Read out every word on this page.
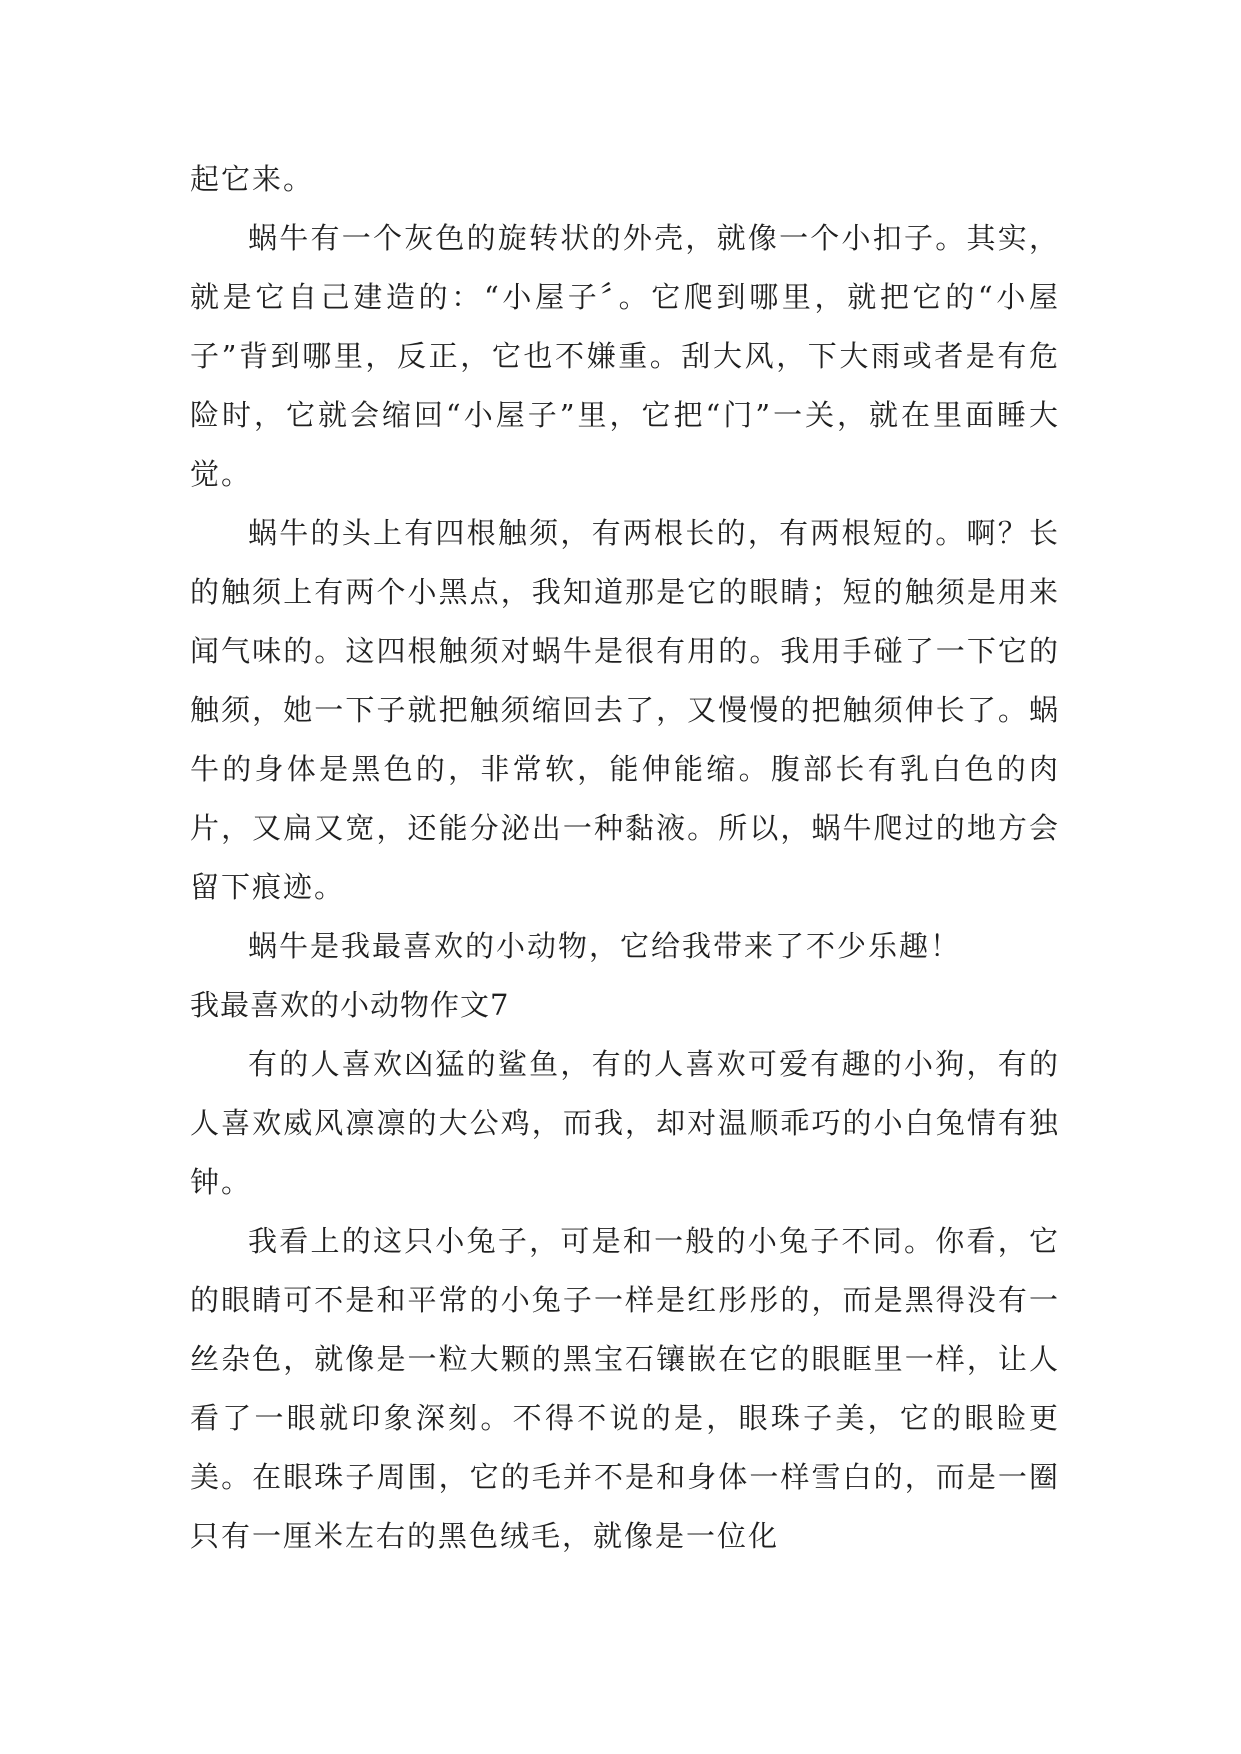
起它来。

蜗牛有一个灰色的旋转状的外壳，就像一个小扣子。其实，就是它自己建造的：“小屋子〞。它爬到哪里，就把它的“小屋子”背到哪里，反正，它也不嫌重。刮大风，下大雨或者是有危险时，它就会缩回“小屋子”里，它把“门”一关，就在里面睡大觉。

蜗牛的头上有四根触须，有两根长的，有两根短的。啊？长的触须上有两个小黑点，我知道那是它的眼睛；短的触须是用来闻气味的。这四根触须对蜗牛是很有用的。我用手碰了一下它的触须，她一下子就把触须缩回去了，又慢慢的把触须伸长了。蜗牛的身体是黑色的，非常软，能伸能缩。腹部长有乳白色的肉片，又扁又宽，还能分泌出一种黏液。所以，蜗牛爬过的地方会留下痕迹。

蜗牛是我最喜欢的小动物，它给我带来了不少乐趣！

我最喜欢的小动物作文7

有的人喜欢凶猛的鲨鱼，有的人喜欢可爱有趣的小狗，有的人喜欢威风凛凛的大公鸡，而我，却对温顺乖巧的小白兔情有独钟。

我看上的这只小兔子，可是和一般的小兔子不同。你看，它的眼睛可不是和平常的小兔子一样是红彤彤的，而是黑得没有一丝杂色，就像是一粒大颗的黑宝石镶嵌在它的眼眶里一样，让人看了一眼就印象深刻。不得不说的是，眼珠子美，它的眼睑更美。在眼珠子周围，它的毛并不是和身体一样雪白的，而是一圈只有一厘米左右的黑色绒毛，就像是一位化
